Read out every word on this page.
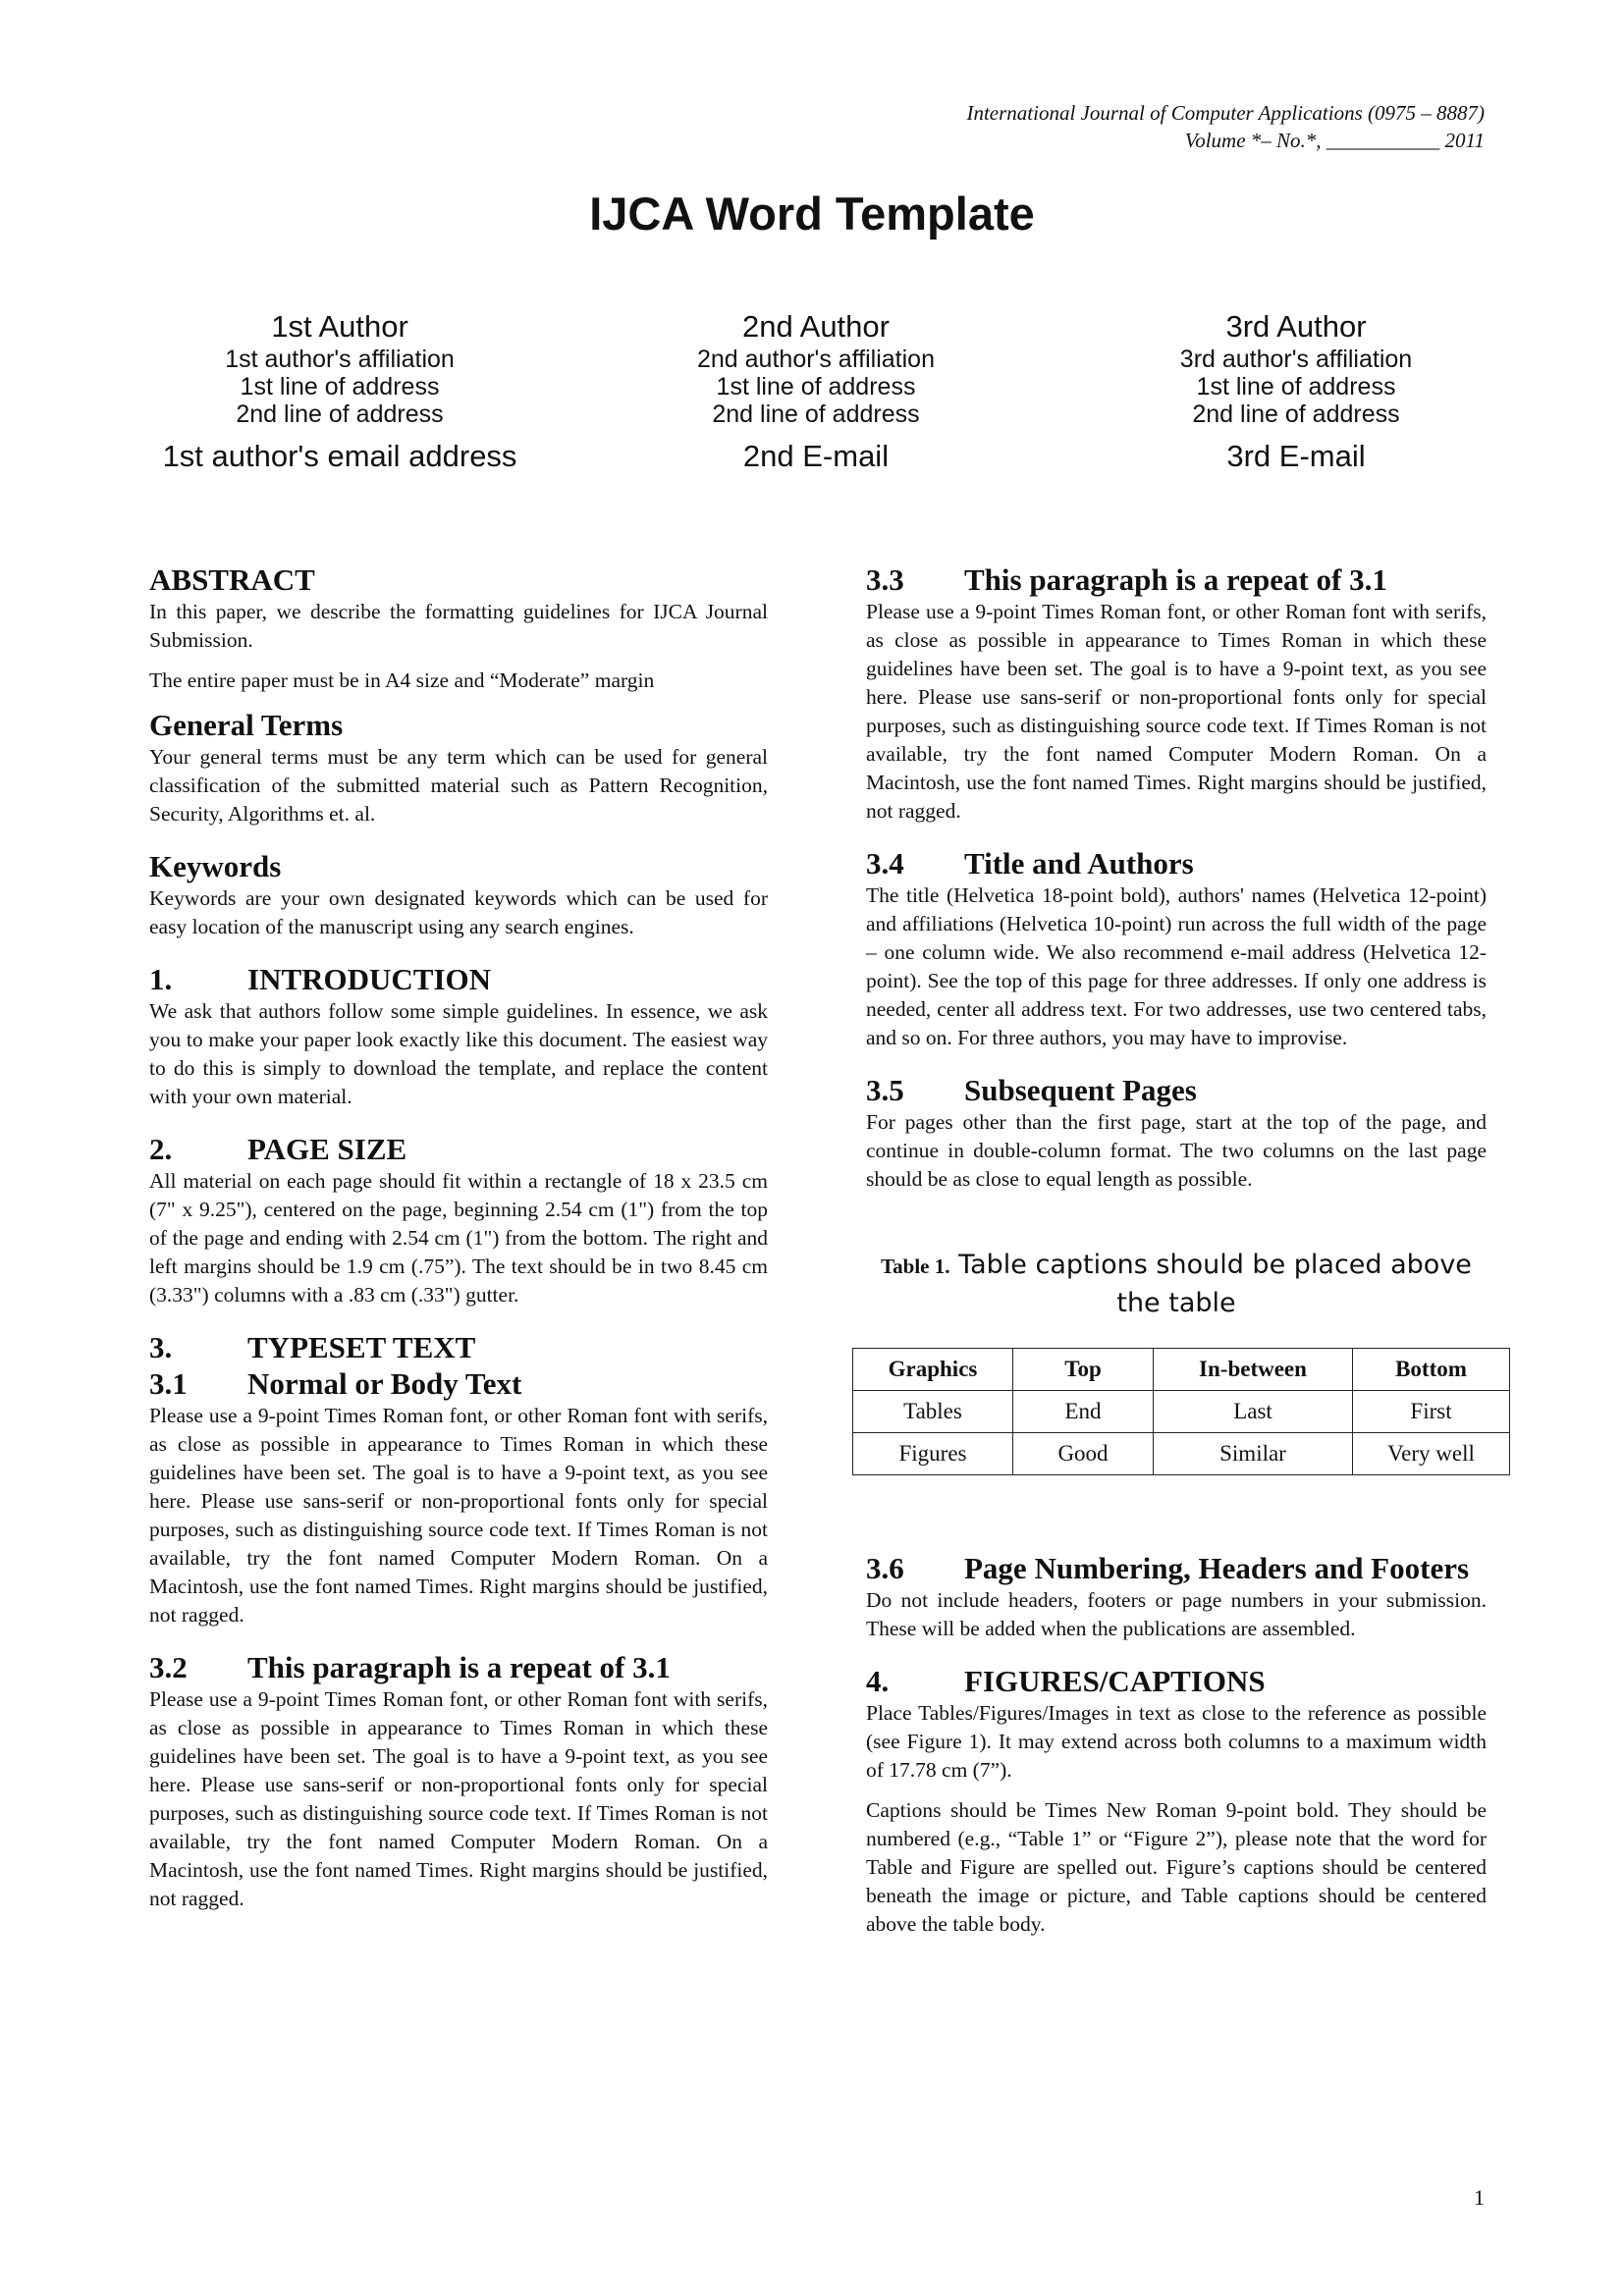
International Journal of Computer Applications (0975 – 8887)
Volume *– No.*, ___________ 2011
IJCA Word Template
1st Author
1st author's affiliation
1st line of address
2nd line of address
1st author's email address
2nd Author
2nd author's affiliation
1st line of address
2nd line of address
2nd E-mail
3rd Author
3rd author's affiliation
1st line of address
2nd line of address
3rd E-mail
ABSTRACT

In this paper, we describe the formatting guidelines for IJCA Journal Submission.

The entire paper must be in A4 size and “Moderate” margin

General Terms

Your general terms must be any term which can be used for general classification of the submitted material such as Pattern Recognition, Security, Algorithms et. al.

Keywords

Keywords are your own designated keywords which can be used for easy location of the manuscript using any search engines.

1. INTRODUCTION

We ask that authors follow some simple guidelines. In essence, we ask you to make your paper look exactly like this document. The easiest way to do this is simply to download the template, and replace the content with your own material.

2. PAGE SIZE

All material on each page should fit within a rectangle of 18 x 23.5 cm (7" x 9.25"), centered on the page, beginning 2.54 cm (1") from the top of the page and ending with 2.54 cm (1") from the bottom. The right and left margins should be 1.9 cm (.75”). The text should be in two 8.45 cm (3.33") columns with a .83 cm (.33") gutter.

3. TYPESET TEXT
3.1 Normal or Body Text

Please use a 9-point Times Roman font, or other Roman font with serifs, as close as possible in appearance to Times Roman in which these guidelines have been set. The goal is to have a 9-point text, as you see here. Please use sans-serif or non-proportional fonts only for special purposes, such as distinguishing source code text. If Times Roman is not available, try the font named Computer Modern Roman. On a Macintosh, use the font named Times. Right margins should be justified, not ragged.

3.2 This paragraph is a repeat of 3.1

Please use a 9-point Times Roman font, or other Roman font with serifs, as close as possible in appearance to Times Roman in which these guidelines have been set. The goal is to have a 9-point text, as you see here. Please use sans-serif or non-proportional fonts only for special purposes, such as distinguishing source code text. If Times Roman is not available, try the font named Computer Modern Roman. On a Macintosh, use the font named Times. Right margins should be justified, not ragged.

3.3 This paragraph is a repeat of 3.1

Please use a 9-point Times Roman font, or other Roman font with serifs, as close as possible in appearance to Times Roman in which these guidelines have been set. The goal is to have a 9-point text, as you see here. Please use sans-serif or non-proportional fonts only for special purposes, such as distinguishing source code text. If Times Roman is not available, try the font named Computer Modern Roman. On a Macintosh, use the font named Times. Right margins should be justified, not ragged.

3.4 Title and Authors

The title (Helvetica 18-point bold), authors' names (Helvetica 12-point) and affiliations (Helvetica 10-point) run across the full width of the page – one column wide. We also recommend e-mail address (Helvetica 12-point). See the top of this page for three addresses. If only one address is needed, center all address text. For two addresses, use two centered tabs, and so on. For three authors, you may have to improvise.

3.5 Subsequent Pages

For pages other than the first page, start at the top of the page, and continue in double-column format. The two columns on the last page should be as close to equal length as possible.

Table 1. Table captions should be placed above the table
Graphics	Top	In-between	Bottom
Tables	End	Last	First
Figures	Good	Similar	Very well
3.6 Page Numbering, Headers and Footers

Do not include headers, footers or page numbers in your submission. These will be added when the publications are assembled.

4. FIGURES/CAPTIONS

Place Tables/Figures/Images in text as close to the reference as possible (see Figure 1). It may extend across both columns to a maximum width of 17.78 cm (7”).

Captions should be Times New Roman 9-point bold. They should be numbered (e.g., “Table 1” or “Figure 2”), please note that the word for Table and Figure are spelled out. Figure’s captions should be centered beneath the image or picture, and Table captions should be centered above the table body.

1
